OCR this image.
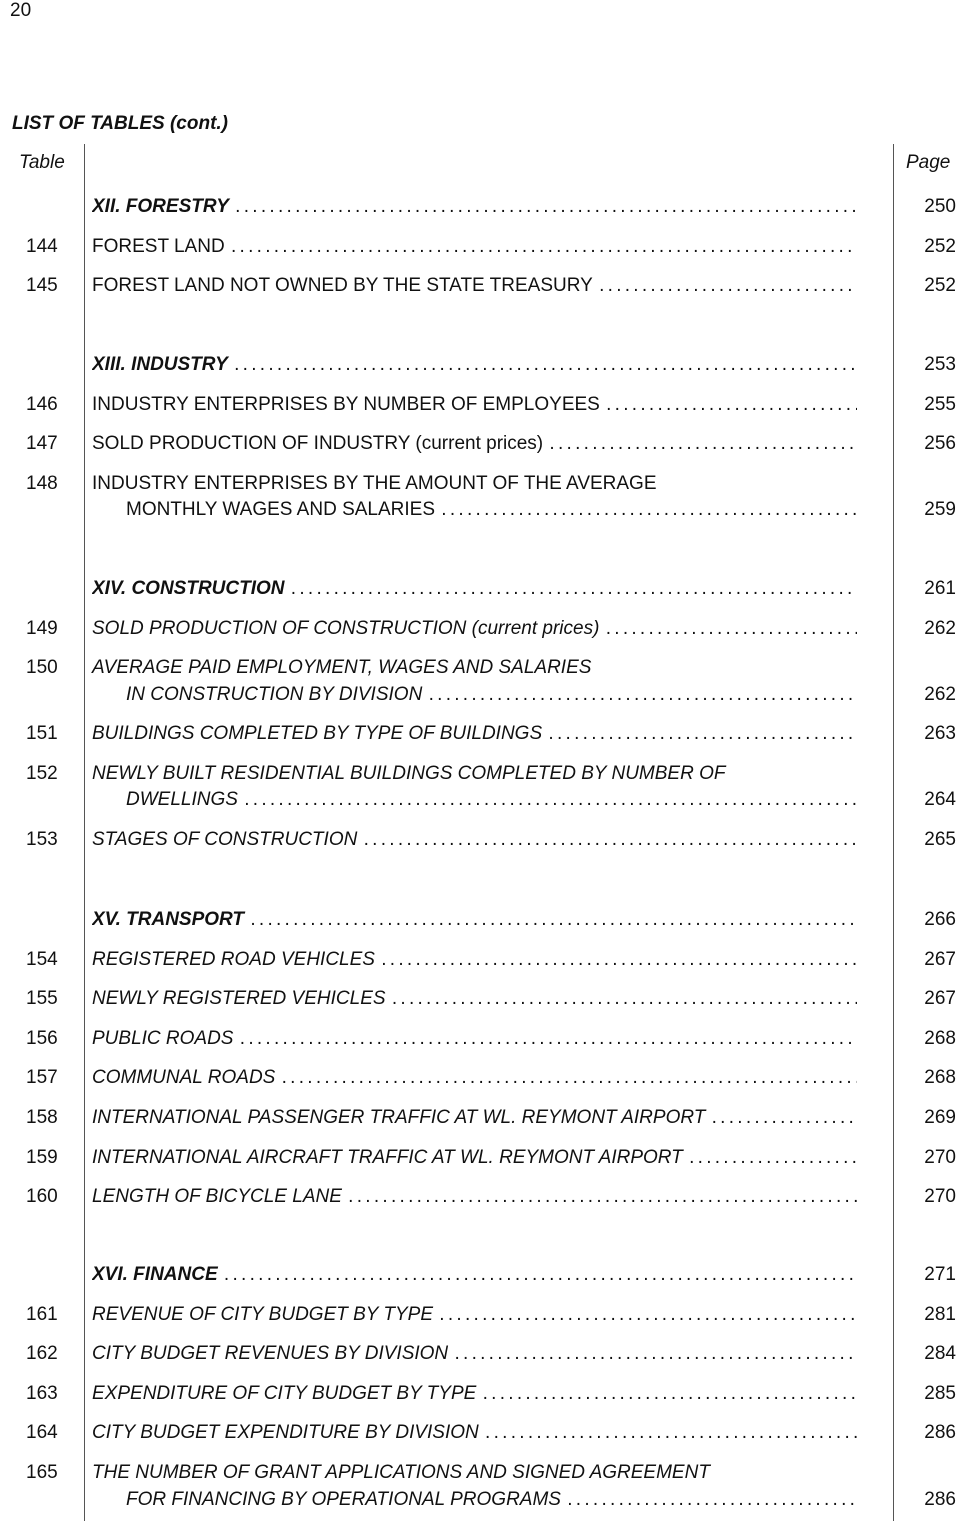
20
LIST OF TABLES (cont.)
Table	Page
XII. FORESTRY . . .	250
144 FOREST LAND . . .	252
145 FOREST LAND NOT OWNED BY THE STATE TREASURY . . .	252
XIII. INDUSTRY . . .	253
146 INDUSTRY ENTERPRISES BY NUMBER OF EMPLOYEES . . .	255
147 SOLD PRODUCTION OF INDUSTRY (current prices) . . .	256
148 INDUSTRY ENTERPRISES BY THE AMOUNT OF THE AVERAGE
MONTHLY WAGES AND SALARIES . . .	259
XIV. CONSTRUCTION . . .	261
149 SOLD PRODUCTION OF CONSTRUCTION (current prices) . . .	262
150 AVERAGE PAID EMPLOYMENT, WAGES AND SALARIES
IN CONSTRUCTION BY DIVISION . . .	262
151 BUILDINGS COMPLETED BY TYPE OF BUILDINGS . . .	263
152 NEWLY BUILT RESIDENTIAL BUILDINGS COMPLETED BY NUMBER OF
DWELLINGS . . .	264
153 STAGES OF CONSTRUCTION . . .	265
XV. TRANSPORT . . .	266
154 REGISTERED ROAD VEHICLES . . .	267
155 NEWLY REGISTERED VEHICLES . . .	267
156 PUBLIC ROADS . . .	268
157 COMMUNAL ROADS . . .	268
158 INTERNATIONAL PASSENGER TRAFFIC AT WL. REYMONT AIRPORT . . .	269
159 INTERNATIONAL AIRCRAFT TRAFFIC AT WL. REYMONT AIRPORT . . .	270
160 LENGTH OF BICYCLE LANE . . .	270
XVI. FINANCE . . .	271
161 REVENUE OF CITY BUDGET BY TYPE . . .	281
162 CITY BUDGET REVENUES BY DIVISION . . .	284
163 EXPENDITURE OF CITY BUDGET BY TYPE . . .	285
164 CITY BUDGET EXPENDITURE BY DIVISION . . .	286
165 THE NUMBER OF GRANT APPLICATIONS AND SIGNED AGREEMENT
FOR FINANCING BY OPERATIONAL PROGRAMS . . .	286
